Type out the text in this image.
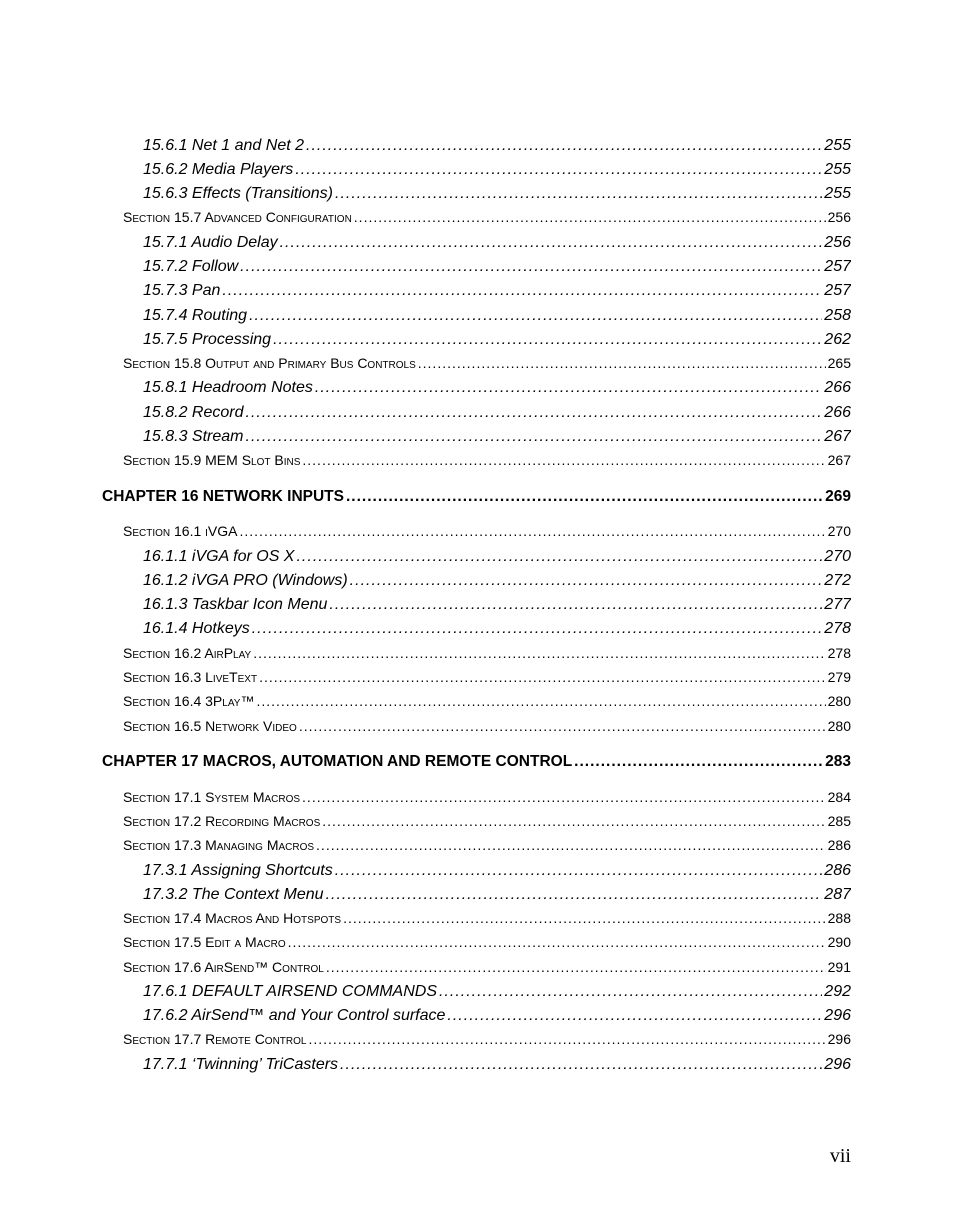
15.6.1 Net 1 and Net 2 .....	255
15.6.2 Media Players .....	255
15.6.3 Effects (Transitions) .....	255
Section 15.7 Advanced Configuration .....	256
15.7.1 Audio Delay .....	256
15.7.2 Follow .....	257
15.7.3 Pan .....	257
15.7.4 Routing .....	258
15.7.5 Processing .....	262
Section 15.8 Output and Primary Bus Controls .....	265
15.8.1 Headroom Notes .....	266
15.8.2 Record .....	266
15.8.3 Stream .....	267
Section 15.9 MEM Slot Bins .....	267
CHAPTER 16 NETWORK INPUTS .....	269
Section 16.1 iVGA .....	270
16.1.1 iVGA for OS X .....	270
16.1.2 iVGA PRO (Windows) .....	272
16.1.3 Taskbar Icon Menu .....	277
16.1.4 Hotkeys .....	278
Section 16.2 AirPlay .....	278
Section 16.3 LiveText .....	279
Section 16.4 3Play™ .....	280
Section 16.5 Network Video .....	280
CHAPTER 17 MACROS, AUTOMATION AND REMOTE CONTROL .....	283
Section 17.1 System Macros .....	284
Section 17.2 Recording Macros .....	285
Section 17.3 Managing Macros .....	286
17.3.1 Assigning Shortcuts .....	286
17.3.2 The Context Menu .....	287
Section 17.4 Macros And Hotspots .....	288
Section 17.5 Edit a Macro .....	290
Section 17.6 AirSend™ Control .....	291
17.6.1 DEFAULT AIRSEND COMMANDS .....	292
17.6.2 AirSend™ and Your Control surface .....	296
Section 17.7 Remote Control .....	296
17.7.1 ‘Twinning’ TriCasters .....	296
vii
